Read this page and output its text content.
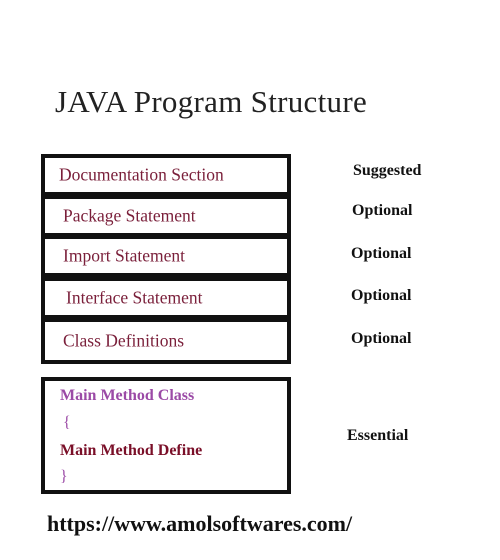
JAVA Program Structure
Documentation Section
Package Statement
Import Statement
Interface Statement
Class Definitions
Suggested
Optional
Optional
Optional
Optional
Main Method Class
{
Main Method Define
}
Essential
https://www.amolsoftwares.com/
